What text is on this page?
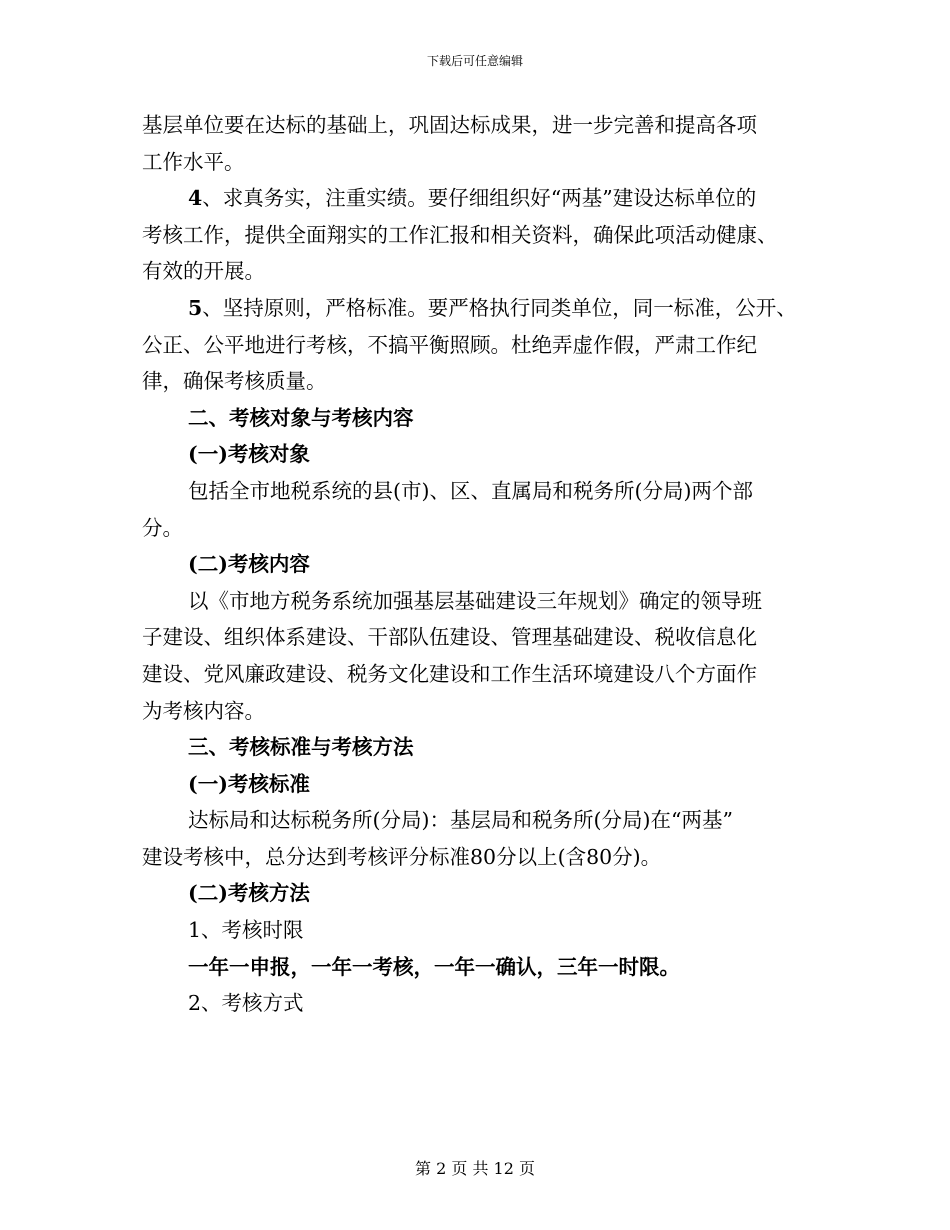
下载后可任意编辑

基层单位要在达标的基础上，巩固达标成果，进一步完善和提高各项

工作水平。

4、求真务实，注重实绩。要仔细组织好“两基”建设达标单位的

考核工作，提供全面翔实的工作汇报和相关资料，确保此项活动健康、

有效的开展。

5、坚持原则，严格标准。要严格执行同类单位，同一标准，公开、

公正、公平地进行考核，不搞平衡照顾。杜绝弄虚作假，严肃工作纪

律，确保考核质量。

二、考核对象与考核内容

(一)考核对象

包括全市地税系统的县(市)、区、直属局和税务所(分局)两个部

分。

(二)考核内容

以《市地方税务系统加强基层基础建设三年规划》确定的领导班

子建设、组织体系建设、干部队伍建设、管理基础建设、税收信息化

建设、党风廉政建设、税务文化建设和工作生活环境建设八个方面作

为考核内容。

三、考核标准与考核方法

(一)考核标准

达标局和达标税务所(分局)：基层局和税务所(分局)在“两基”

建设考核中，总分达到考核评分标准80分以上(含80分)。

(二)考核方法

1、考核时限

一年一申报，一年一考核，一年一确认，三年一时限。

2、考核方式

第 2 页 共 12 页
